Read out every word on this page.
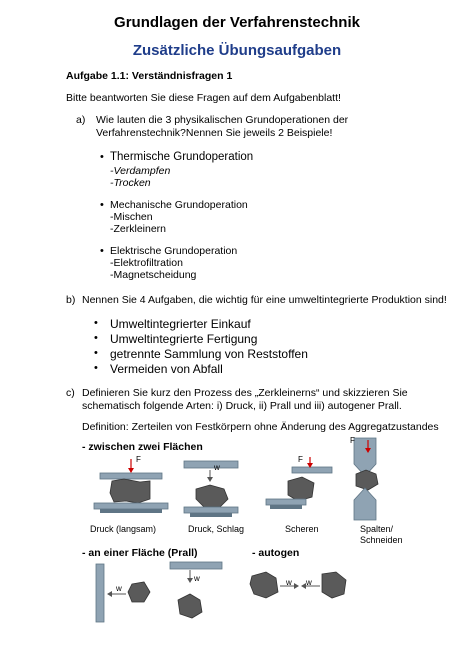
Grundlagen der Verfahrenstechnik
Zusätzliche Übungsaufgaben
Aufgabe 1.1: Verständnisfragen 1
Bitte beantworten Sie diese Fragen auf dem Aufgabenblatt!
a) Wie lauten die 3 physikalischen Grundoperationen der
Verfahrenstechnik?Nennen Sie jeweils 2 Beispiele!
• Thermische Grundoperation
-Verdampfen
-Trocken
• Mechanische Grundoperation
-Mischen
-Zerkleinern
• Elektrische Grundoperation
-Elektrofiltration
-Magnetscheidung
b) Nennen Sie 4 Aufgaben, die wichtig für eine umweltintegrierte Produktion sind!
• Umweltintegrierter Einkauf
• Umweltintegrierte Fertigung
• getrennte Sammlung von Reststoffen
• Vermeiden von Abfall
c) Definieren Sie kurz den Prozess des „Zerkleinerns“ und skizzieren Sie
schematisch folgende Arten: i) Druck, ii) Prall und iii) autogener Prall.
Definition: Zerteilen von Festkörpern ohne Änderung des Aggregatzustandes
- zwischen zwei Flächen
F
Druck (langsam)
w
Druck, Schlag
F
Scheren
F
Spalten/
Schneiden
- an einer Fläche (Prall)	- autogen
w
w	w w
